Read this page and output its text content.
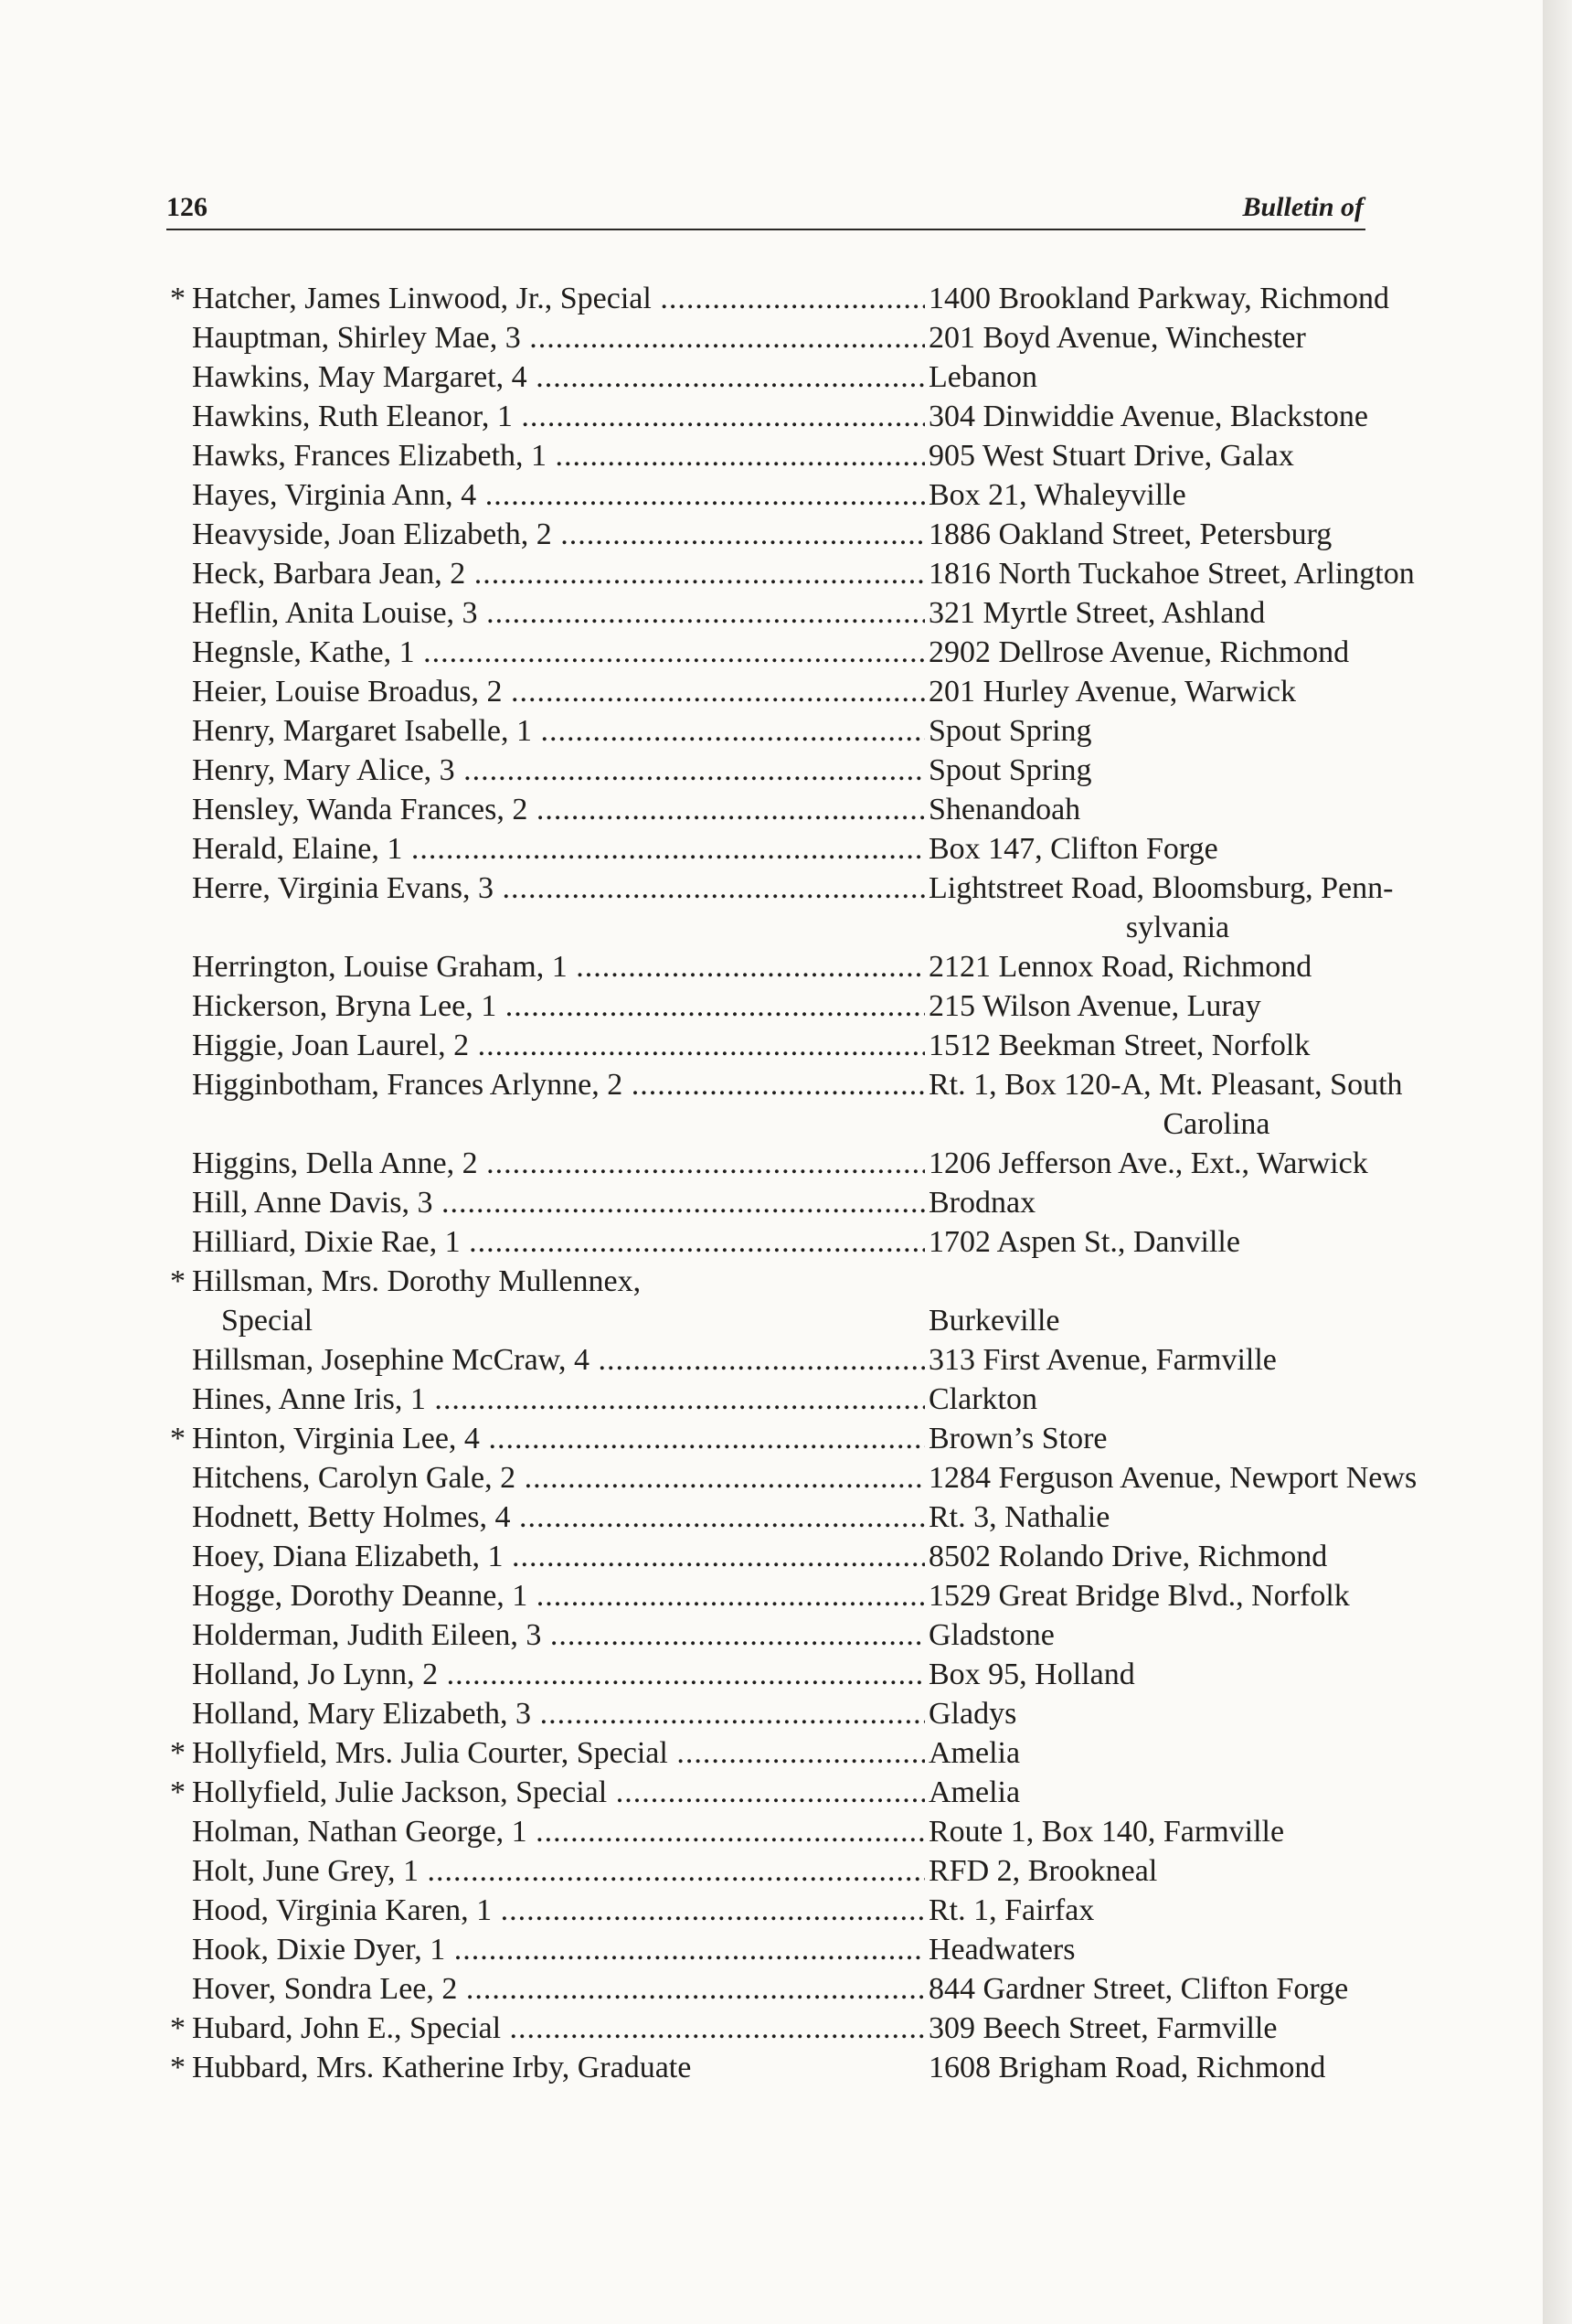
126	Bulletin of
* Hatcher, James Linwood, Jr., Special .....	1400 Brookland Parkway, Richmond
Hauptman, Shirley Mae, 3 .....	201 Boyd Avenue, Winchester
Hawkins, May Margaret, 4 .....	Lebanon
Hawkins, Ruth Eleanor, 1 .....	304 Dinwiddie Avenue, Blackstone
Hawks, Frances Elizabeth, 1 .....	905 West Stuart Drive, Galax
Hayes, Virginia Ann, 4 .....	Box 21, Whaleyville
Heavyside, Joan Elizabeth, 2 .....	1886 Oakland Street, Petersburg
Heck, Barbara Jean, 2 .....	1816 North Tuckahoe Street, Arlington
Heflin, Anita Louise, 3 .....	321 Myrtle Street, Ashland
Hegnsle, Kathe, 1 .....	2902 Dellrose Avenue, Richmond
Heier, Louise Broadus, 2 .....	201 Hurley Avenue, Warwick
Henry, Margaret Isabelle, 1 .....	Spout Spring
Henry, Mary Alice, 3 .....	Spout Spring
Hensley, Wanda Frances, 2 .....	Shenandoah
Herald, Elaine, 1 .....	Box 147, Clifton Forge
Herre, Virginia Evans, 3 .....	Lightstreet Road, Bloomsburg, Penn-
sylvania
Herrington, Louise Graham, 1 .....	2121 Lennox Road, Richmond
Hickerson, Bryna Lee, 1 .....	215 Wilson Avenue, Luray
Higgie, Joan Laurel, 2 .....	1512 Beekman Street, Norfolk
Higginbotham, Frances Arlynne, 2 .....	Rt. 1, Box 120-A, Mt. Pleasant, South
Carolina
Higgins, Della Anne, 2 .....	1206 Jefferson Ave., Ext., Warwick
Hill, Anne Davis, 3 .....	Brodnax
Hilliard, Dixie Rae, 1 .....	1702 Aspen St., Danville
* Hillsman, Mrs. Dorothy Mullennex,
Special	Burkeville
Hillsman, Josephine McCraw, 4 .....	313 First Avenue, Farmville
Hines, Anne Iris, 1 .....	Clarkton
* Hinton, Virginia Lee, 4 .....	Brown’s Store
Hitchens, Carolyn Gale, 2 .....	1284 Ferguson Avenue, Newport News
Hodnett, Betty Holmes, 4 .....	Rt. 3, Nathalie
Hoey, Diana Elizabeth, 1 .....	8502 Rolando Drive, Richmond
Hogge, Dorothy Deanne, 1 .....	1529 Great Bridge Blvd., Norfolk
Holderman, Judith Eileen, 3 .....	Gladstone
Holland, Jo Lynn, 2 .....	Box 95, Holland
Holland, Mary Elizabeth, 3 .....	Gladys
* Hollyfield, Mrs. Julia Courter, Special .....	Amelia
* Hollyfield, Julie Jackson, Special .....	Amelia
Holman, Nathan George, 1 .....	Route 1, Box 140, Farmville
Holt, June Grey, 1 .....	RFD 2, Brookneal
Hood, Virginia Karen, 1 .....	Rt. 1, Fairfax
Hook, Dixie Dyer, 1 .....	Headwaters
Hover, Sondra Lee, 2 .....	844 Gardner Street, Clifton Forge
* Hubard, John E., Special .....	309 Beech Street, Farmville
* Hubbard, Mrs. Katherine Irby, Graduate	1608 Brigham Road, Richmond
